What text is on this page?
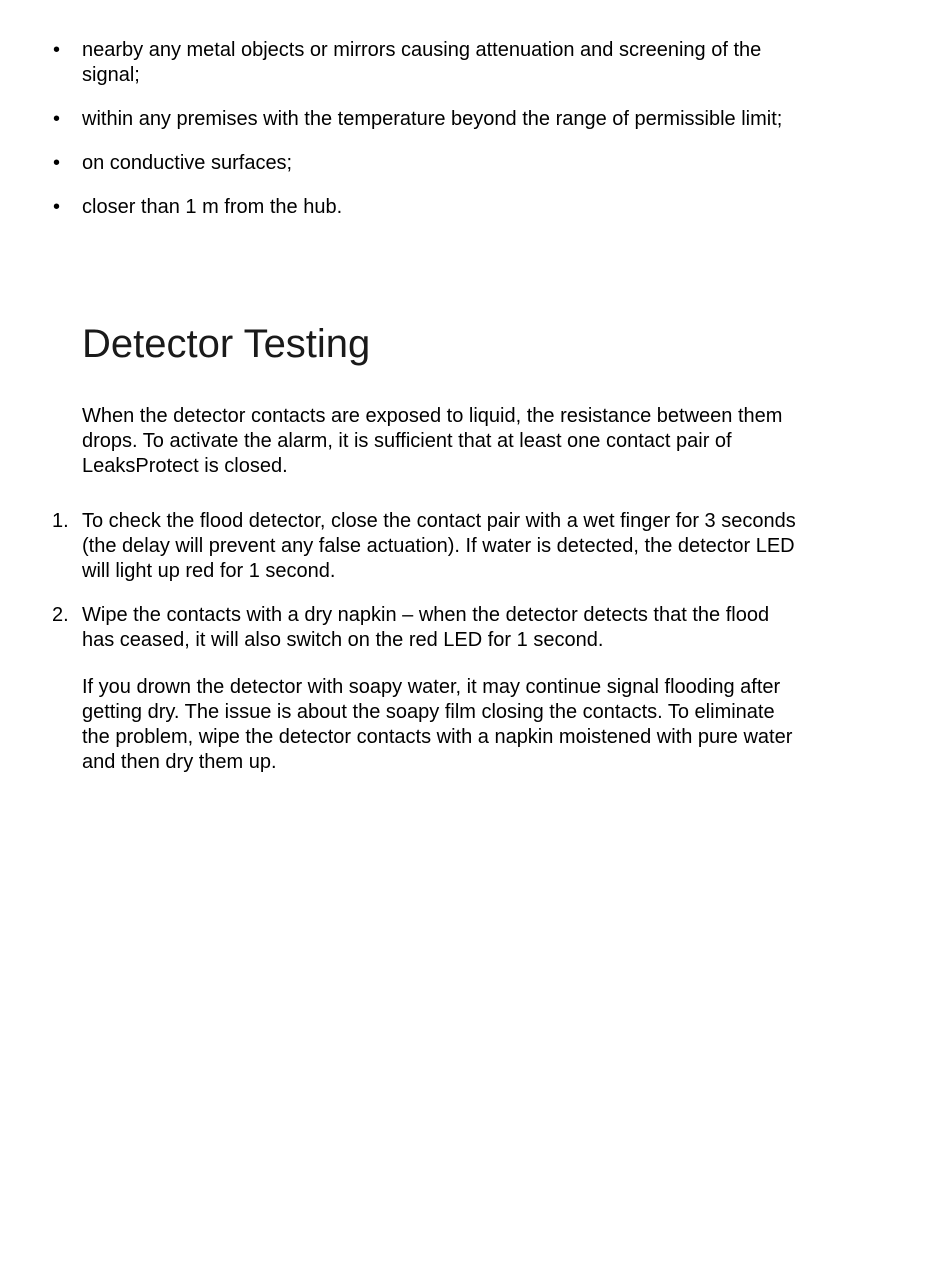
• nearby any metal objects or mirrors causing attenuation and screening of the signal;
• within any premises with the temperature beyond the range of permissible limit;
• on conductive surfaces;
• closer than 1 m from the hub.
Detector Testing

When the detector contacts are exposed to liquid, the resistance between them drops. To activate the alarm, it is sufficient that at least one contact pair of LeaksProtect is closed.

1. To check the flood detector, close the contact pair with a wet finger for 3 seconds (the delay will prevent any false actuation). If water is detected, the detector LED will light up red for 1 second.
2. Wipe the contacts with a dry napkin – when the detector detects that the flood has ceased, it will also switch on the red LED for 1 second.

If you drown the detector with soapy water, it may continue signal flooding after getting dry. The issue is about the soapy film closing the contacts. To eliminate the problem, wipe the detector contacts with a napkin moistened with pure water and then dry them up.
